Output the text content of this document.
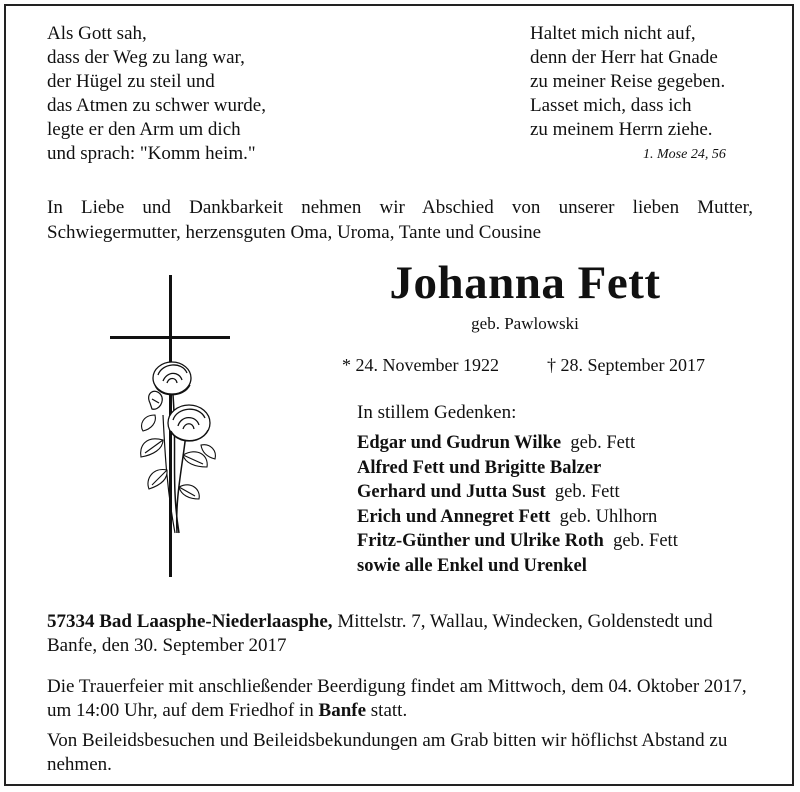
Als Gott sah,
dass der Weg zu lang war,
der Hügel zu steil und
das Atmen zu schwer wurde,
legte er den Arm um dich
und sprach: "Komm heim."
Haltet mich nicht auf,
denn der Herr hat Gnade
zu meiner Reise gegeben.
Lasset mich, dass ich
zu meinem Herrn ziehe.
1. Mose 24, 56
In Liebe und Dankbarkeit nehmen wir Abschied von unserer lieben Mutter,
Schwiegermutter, herzensguten Oma, Uroma, Tante und Cousine
Johanna Fett
geb. Pawlowski
* 24. November 1922	† 28. September 2017
In stillem Gedenken:
Edgar und Gudrun Wilke geb. Fett
Alfred Fett und Brigitte Balzer
Gerhard und Jutta Sust geb. Fett
Erich und Annegret Fett geb. Uhlhorn
Fritz-Günther und Ulrike Roth geb. Fett
sowie alle Enkel und Urenkel
57334 Bad Laasphe-Niederlaasphe, Mittelstr. 7, Wallau, Windecken, Goldenstedt und Banfe, den 30. September 2017
Die Trauerfeier mit anschließender Beerdigung findet am Mittwoch, dem 04. Oktober 2017, um 14:00 Uhr, auf dem Friedhof in Banfe statt.
Von Beileidsbesuchen und Beileidsbekundungen am Grab bitten wir höflichst Abstand zu nehmen.
